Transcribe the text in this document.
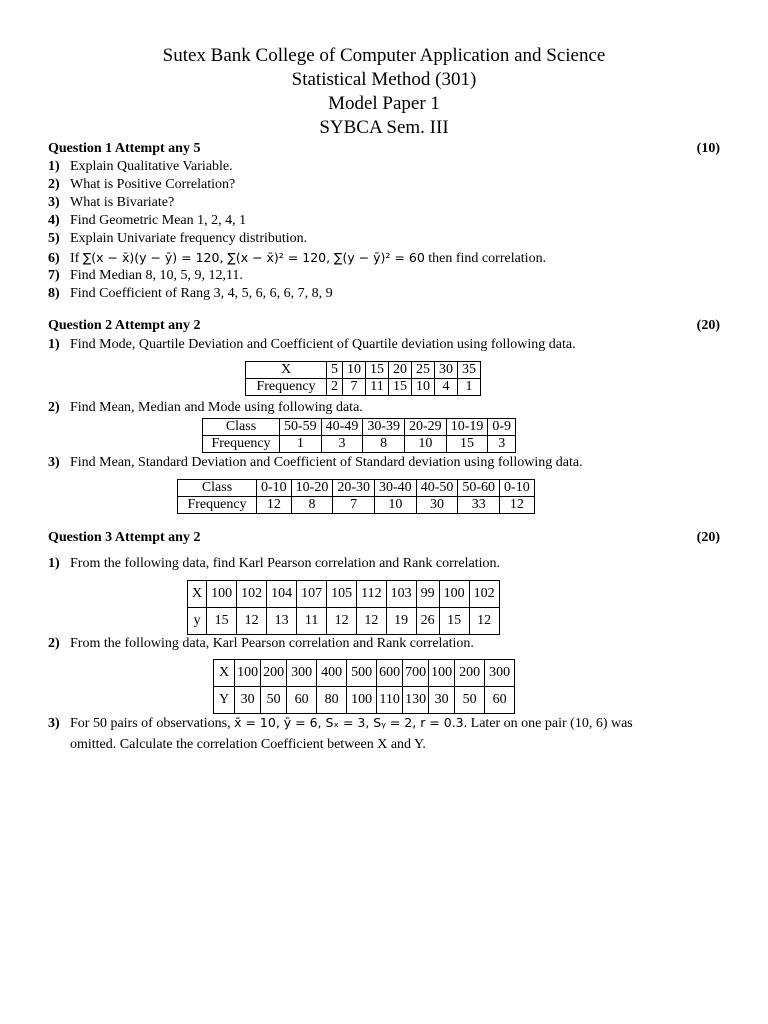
Sutex Bank College of Computer Application and Science
Statistical Method (301)
Model Paper 1
SYBCA Sem. III
Question 1 Attempt any 5	(10)
1) Explain Qualitative Variable.
2) What is Positive Correlation?
3) What is Bivariate?
4) Find Geometric Mean 1, 2, 4, 1
5) Explain Univariate frequency distribution.
6) If ∑(x − x̄)(y − ȳ) = 120, ∑(x − x̄)² = 120, ∑(y − ȳ)² = 60 then find correlation.
7) Find Median 8, 10, 5, 9, 12,11.
8) Find Coefficient of Rang 3, 4, 5, 6, 6, 6, 7, 8, 9
Question 2 Attempt any 2	(20)
1) Find Mode, Quartile Deviation and Coefficient of Quartile deviation using following data.
X	5	10	15	20	25	30	35
Frequency	2	7	11	15	10	4	1
2) Find Mean, Median and Mode using following data.
Class	50-59	40-49	30-39	20-29	10-19	0-9
Frequency	1	3	8	10	15	3
3) Find Mean, Standard Deviation and Coefficient of Standard deviation using following data.
Class	0-10	10-20	20-30	30-40	40-50	50-60	0-10
Frequency	12	8	7	10	30	33	12
Question 3 Attempt any 2	(20)
1) From the following data, find Karl Pearson correlation and Rank correlation.
X	100	102	104	107	105	112	103	99	100	102
y	15	12	13	11	12	12	19	26	15	12
2) From the following data, Karl Pearson correlation and Rank correlation.
X	100	200	300	400	500	600	700	100	200	300
Y	30	50	60	80	100	110	130	30	50	60
3) For 50 pairs of observations, x̄ = 10, ȳ = 6, Sₓ = 3, Sᵧ = 2, r = 0.3. Later on one pair (10, 6) was
omitted. Calculate the correlation Coefficient between X and Y.
